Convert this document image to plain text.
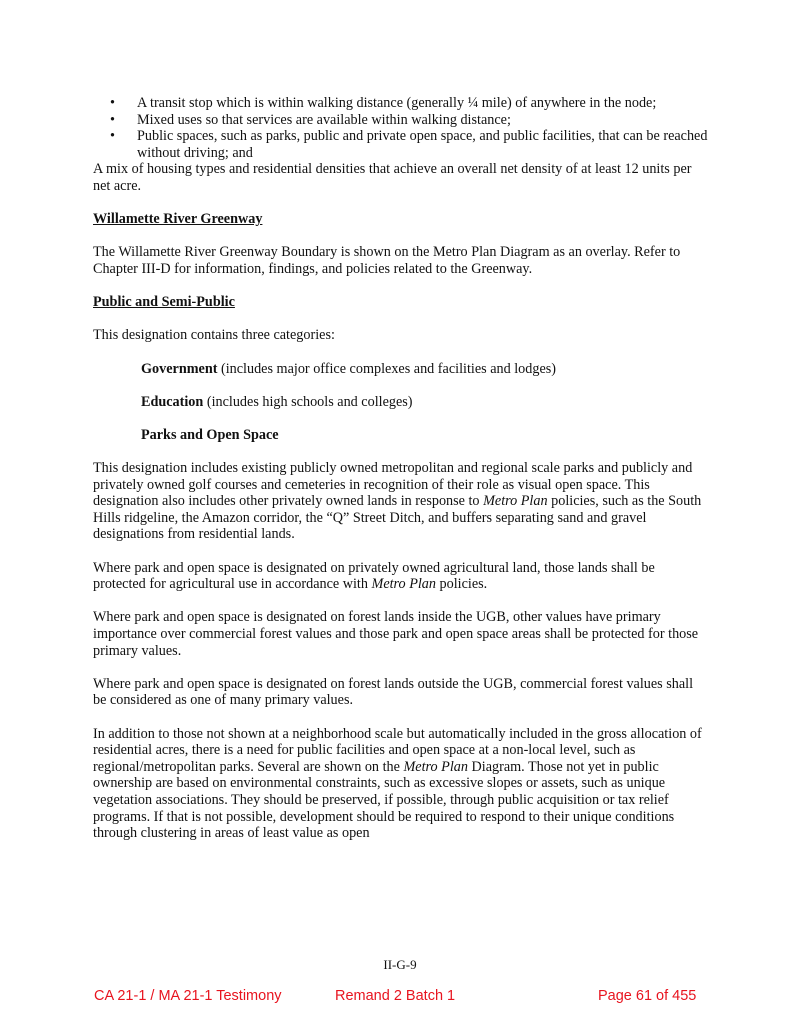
• A transit stop which is within walking distance (generally ¼ mile) of anywhere in the node;
• Mixed uses so that services are available within walking distance;
• Public spaces, such as parks, public and private open space, and public facilities, that can be reached without driving; and

A mix of housing types and residential densities that achieve an overall net density of at least 12 units per net acre.

Willamette River Greenway

The Willamette River Greenway Boundary is shown on the Metro Plan Diagram as an overlay. Refer to Chapter III-D for information, findings, and policies related to the Greenway.

Public and Semi-Public

This designation contains three categories:

Government (includes major office complexes and facilities and lodges)

Education (includes high schools and colleges)

Parks and Open Space

This designation includes existing publicly owned metropolitan and regional scale parks and publicly and privately owned golf courses and cemeteries in recognition of their role as visual open space. This designation also includes other privately owned lands in response to Metro Plan policies, such as the South Hills ridgeline, the Amazon corridor, the “Q” Street Ditch, and buffers separating sand and gravel designations from residential lands.

Where park and open space is designated on privately owned agricultural land, those lands shall be protected for agricultural use in accordance with Metro Plan policies.

Where park and open space is designated on forest lands inside the UGB, other values have primary importance over commercial forest values and those park and open space areas shall be protected for those primary values.

Where park and open space is designated on forest lands outside the UGB, commercial forest values shall be considered as one of many primary values.

In addition to those not shown at a neighborhood scale but automatically included in the gross allocation of residential acres, there is a need for public facilities and open space at a non-local level, such as regional/metropolitan parks. Several are shown on the Metro Plan Diagram. Those not yet in public ownership are based on environmental constraints, such as excessive slopes or assets, such as unique vegetation associations. They should be preserved, if possible, through public acquisition or tax relief programs. If that is not possible, development should be required to respond to their unique conditions through clustering in areas of least value as open

II-G-9
CA 21-1 / MA 21-1 Testimony	Remand 2 Batch 1	Page 61 of 455
